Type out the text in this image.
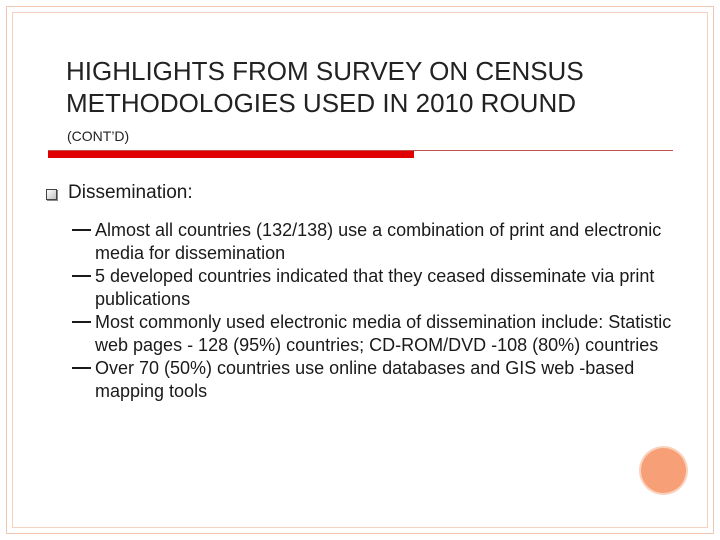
HIGHLIGHTS FROM SURVEY ON CENSUS METHODOLOGIES USED IN 2010 ROUND
(CONT’D)
Dissemination:
Almost all countries (132/138) use a combination of print and electronic media for dissemination
5 developed countries indicated that they ceased disseminate via print publications
Most commonly used electronic media of dissemination include: Statistic web pages - 128 (95%) countries; CD-ROM/DVD -108 (80%) countries
Over 70 (50%) countries use online databases and GIS web -based mapping tools
